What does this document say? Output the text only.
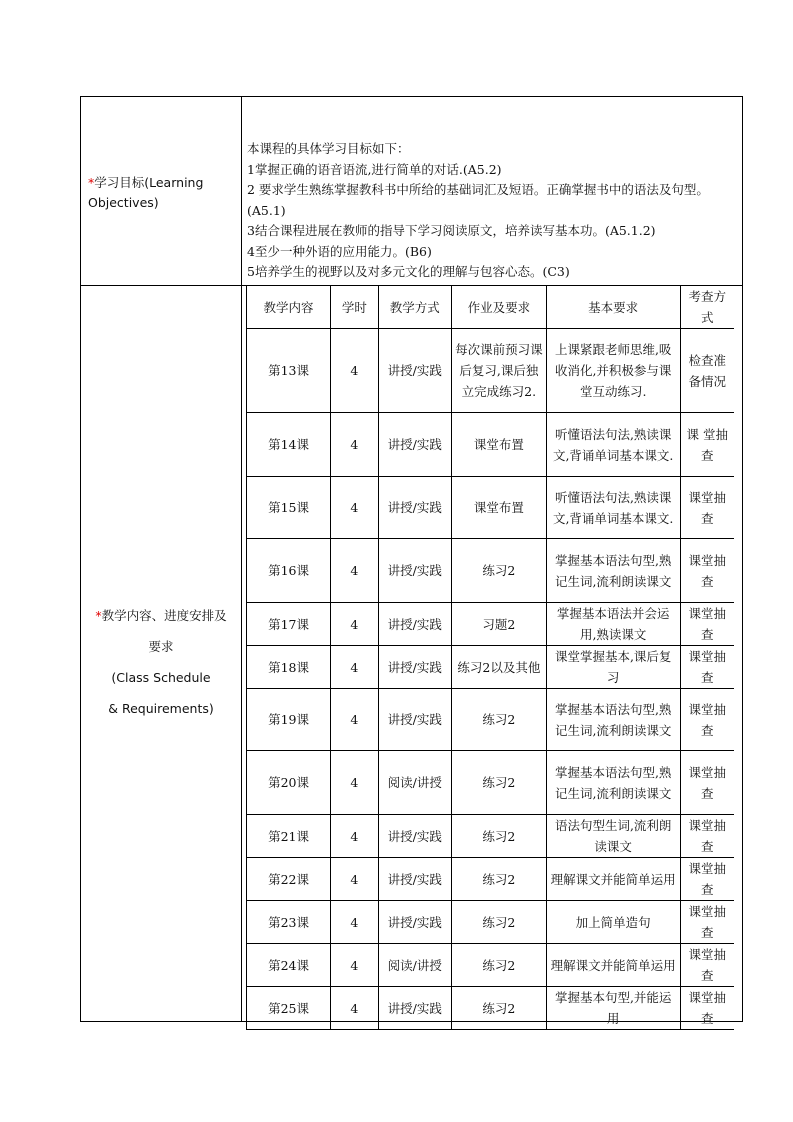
*学习目标(Learning Objectives)
本课程的具体学习目标如下：
1掌握正确的语音语流,进行简单的对话.(A5.2)
2 要求学生熟练掌握教科书中所给的基础词汇及短语。正确掌握书中的语法及句型。(A5.1)
3结合课程进展在教师的指导下学习阅读原文，培养读写基本功。(A5.1.2)
4至少一种外语的应用能力。(B6)
5培养学生的视野以及对多元文化的理解与包容心态。(C3)
*教学内容、进度安排及
要求
(Class Schedule
& Requirements)
教学内容	学时	教学方式	作业及要求	基本要求	考查方式
第13课	4	讲授/实践	每次课前预习课后复习,课后独立完成练习2.	上课紧跟老师思维,吸收消化,并积极参与课堂互动练习.	检查准备情况
第14课	4	讲授/实践	课堂布置	听懂语法句法,熟读课文,背诵单词基本课文.	课 堂抽查
第15课	4	讲授/实践	课堂布置	听懂语法句法,熟读课文,背诵单词基本课文.	课堂抽查
第16课	4	讲授/实践	练习2	掌握基本语法句型,熟记生词,流利朗读课文	课堂抽查
第17课	4	讲授/实践	习题2	掌握基本语法并会运用,熟读课文	课堂抽查
第18课	4	讲授/实践	练习2以及其他	课堂掌握基本,课后复习	课堂抽查
第19课	4	讲授/实践	练习2	掌握基本语法句型,熟记生词,流利朗读课文	课堂抽查
第20课	4	阅读/讲授	练习2	掌握基本语法句型,熟记生词,流利朗读课文	课堂抽查
第21课	4	讲授/实践	练习2	语法句型生词,流利朗读课文	课堂抽查
第22课	4	讲授/实践	练习2	理解课文并能简单运用	课堂抽查
第23课	4	讲授/实践	练习2	加上简单造句	课堂抽查
第24课	4	阅读/讲授	练习2	理解课文并能简单运用	课堂抽查
第25课	4	讲授/实践	练习2	掌握基本句型,并能运用	课堂抽查
